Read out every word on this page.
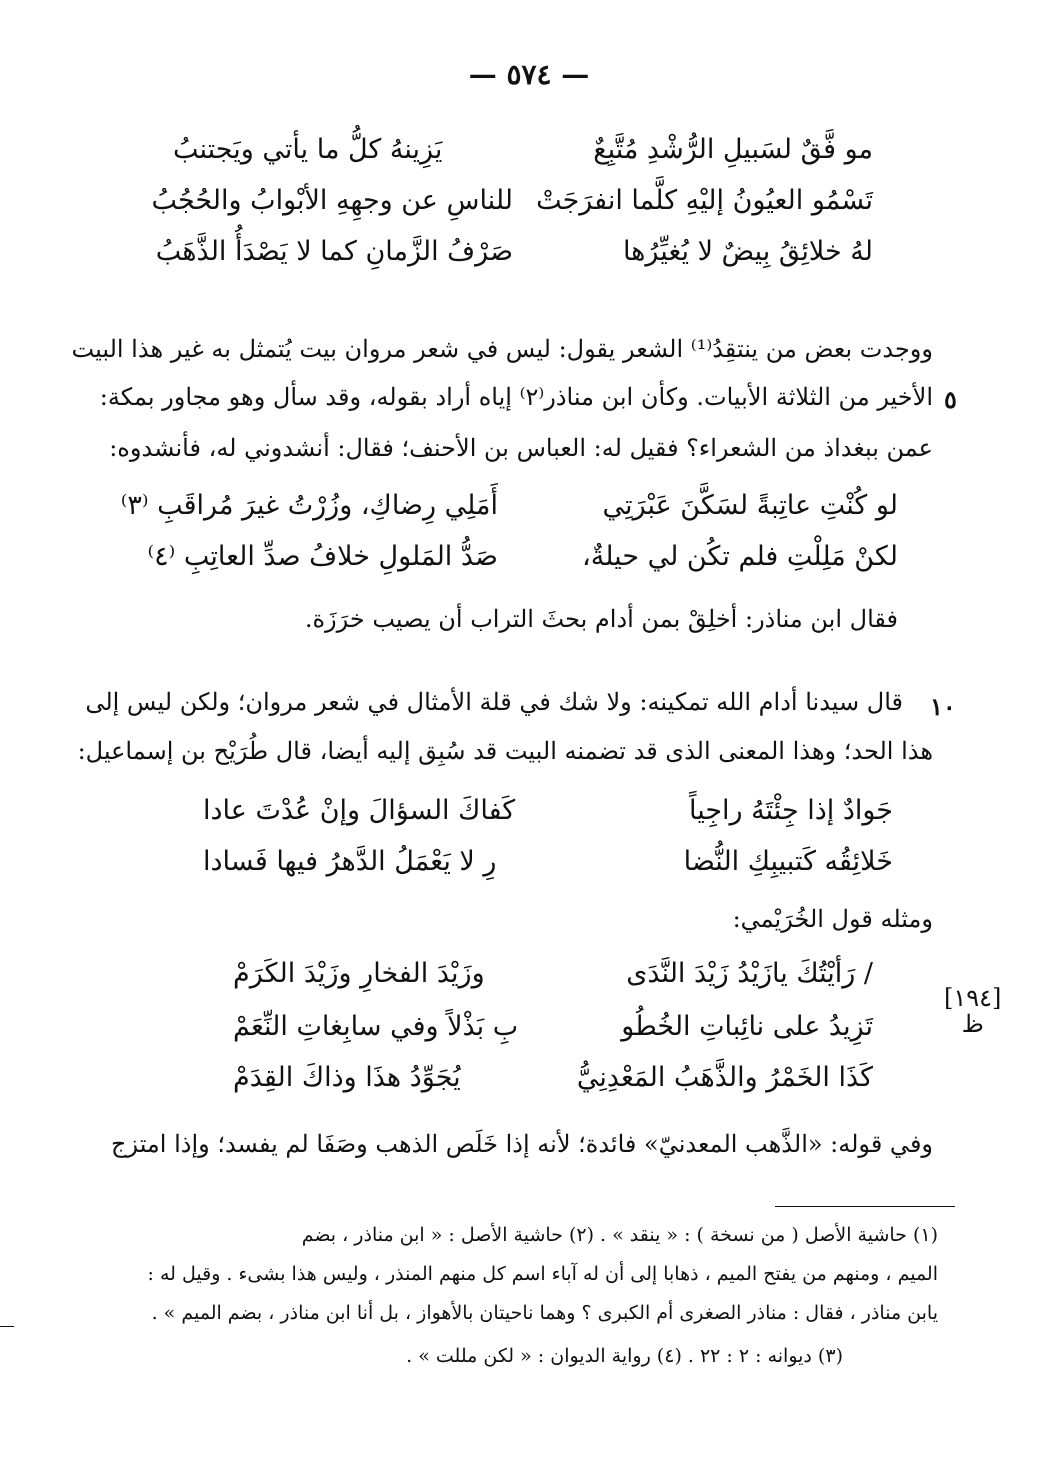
— ٥٧٤ —
مو فَّقٌ لسَبيلِ الرُّشْدِ مُتَّبِعٌ
يَزِينهُ كلُّ ما يأتي ويَجتنبُ
تَسْمُو العيُونُ إليْهِ كلَّما انفرَجَتْ
للناسِ عن وجهِهِ الأبْوابُ والحُجُبُ
لهُ خلائِقُ بِيضٌ لا يُغيِّرُها
صَرْفُ الزَّمانِ كما لا يَصْدَأُ الذَّهَبُ
ووجدت بعض من ينتقِدُ⁽¹⁾ الشعر يقول: ليس في شعر مروان بيت يُتمثل به غير هذا البيت
٥
الأخير من الثلاثة الأبيات. وكأن ابن مناذر⁽٢⁾ إياه أراد بقوله، وقد سأل وهو مجاور بمكة:
عمن ببغداذ من الشعراء؟ فقيل له: العباس بن الأحنف؛ فقال: أنشدوني له، فأنشدوه:
لو كُنْتِ عاتِبةً لسَكَّنَ عَبْرَتِي
أَمَلِي رِضاكِ، وزُرْتُ غيرَ مُراقَبِ ⁽٣⁾
لكنْ مَلِلْتِ فلم تكُن لي حيلةٌ،
صَدُّ المَلولِ خلافُ صدِّ العاتِبِ ⁽٤⁾
فقال ابن مناذر: أخلِقْ بمن أدام بحثَ التراب أن يصيب خرَزَة.
١٠
قال سيدنا أدام الله تمكينه: ولا شك في قلة الأمثال في شعر مروان؛ ولكن ليس إلى
هذا الحد؛ وهذا المعنى الذى قد تضمنه البيت قد سُبِق إليه أيضا، قال طُرَيْح بن إسماعيل:
جَوادٌ إذا جِئْتَهُ راجِياً
كَفاكَ السؤالَ وإنْ عُدْتَ عادا
خَلائِقُه كَتبيبِكِ النُّضا
رِ لا يَعْمَلُ الدَّهرُ فيها فَسادا
ومثله قول الخُرَيْمي:
[١٩٤]
ظ
/ رَأيْتُكَ يازَيْدُ زَيْدَ النَّدَى
وزَيْدَ الفخارِ وزَيْدَ الكَرَمْ
تَزِيدُ على نائِباتِ الخُطُو
بِ بَذْلاً وفي سابِغاتِ النِّعَمْ
كَذَا الخَمْرُ والذَّهَبُ المَعْدِنِيُّ
يُجَوِّدُ هذَا وذاكَ القِدَمْ
وفي قوله: «الذَّهب المعدنيّ» فائدة؛ لأنه إذا خَلَص الذهب وصَفَا لم يفسد؛ وإذا امتزج
(١) حاشية الأصل ( من نسخة ) : « ينقد » . (٢) حاشية الأصل : « ابن مناذر ، بضم
الميم ، ومنهم من يفتح الميم ، ذهابا إلى أن له آباء اسم كل منهم المنذر ، وليس هذا بشىء . وقيل له :
يابن مناذر ، فقال : مناذر الصغرى أم الكبرى ؟ وهما ناحيتان بالأهواز ، بل أنا ابن مناذر ، بضم الميم » .
(٣) ديوانه : ٢ : ٢٢ . (٤) رواية الديوان : « لكن مللت » .
